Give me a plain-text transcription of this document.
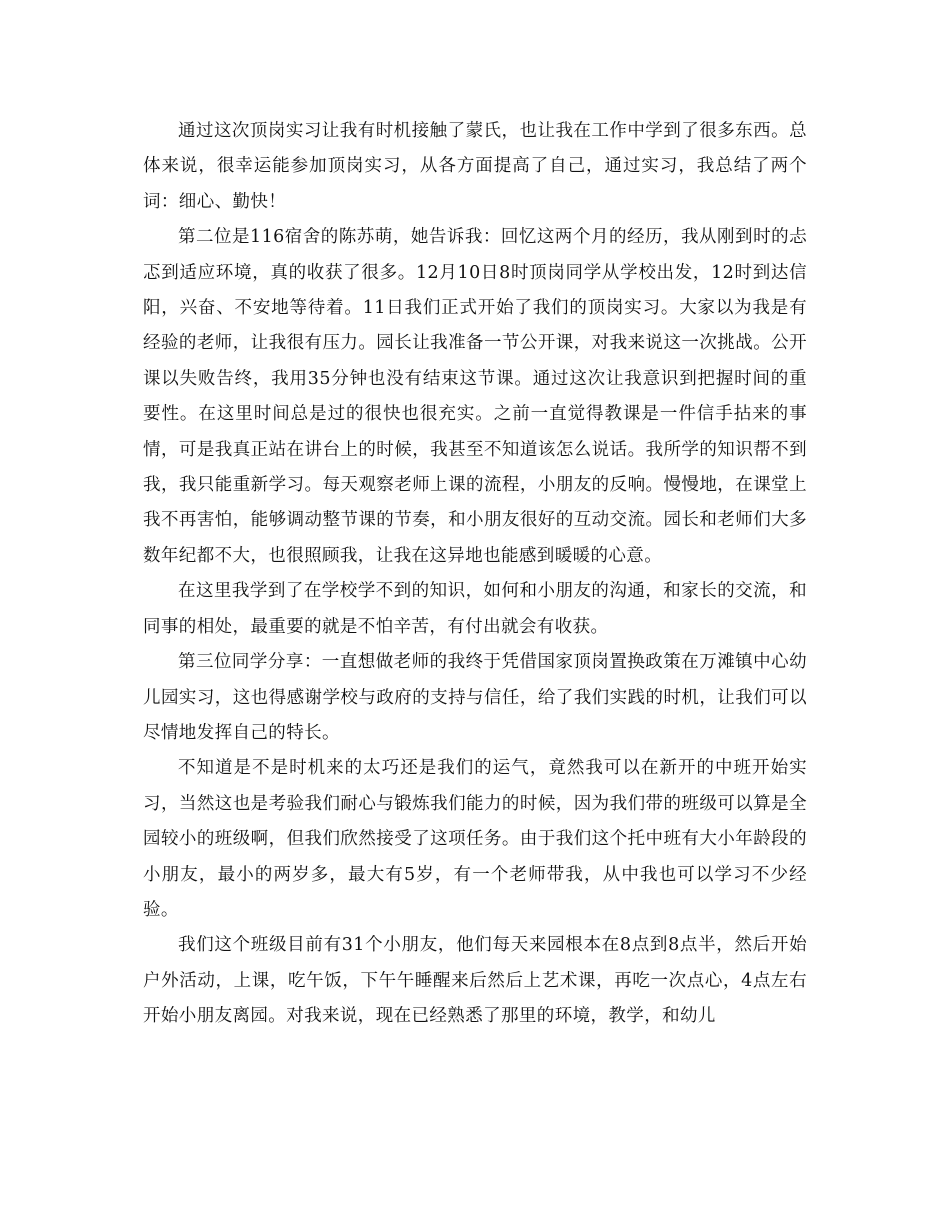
通过这次顶岗实习让我有时机接触了蒙氏，也让我在工作中学到了很多东西。总体来说，很幸运能参加顶岗实习，从各方面提高了自己，通过实习，我总结了两个词：细心、勤快！

第二位是116宿舍的陈苏萌，她告诉我：回忆这两个月的经历，我从刚到时的忐忑到适应环境，真的收获了很多。12月10日8时顶岗同学从学校出发，12时到达信阳，兴奋、不安地等待着。11日我们正式开始了我们的顶岗实习。大家以为我是有经验的老师，让我很有压力。园长让我准备一节公开课，对我来说这一次挑战。公开课以失败告终，我用35分钟也没有结束这节课。通过这次让我意识到把握时间的重要性。在这里时间总是过的很快也很充实。之前一直觉得教课是一件信手拈来的事情，可是我真正站在讲台上的时候，我甚至不知道该怎么说话。我所学的知识帮不到我，我只能重新学习。每天观察老师上课的流程，小朋友的反响。慢慢地，在课堂上我不再害怕，能够调动整节课的节奏，和小朋友很好的互动交流。园长和老师们大多数年纪都不大，也很照顾我，让我在这异地也能感到暖暖的心意。

在这里我学到了在学校学不到的知识，如何和小朋友的沟通，和家长的交流，和同事的相处，最重要的就是不怕辛苦，有付出就会有收获。

第三位同学分享：一直想做老师的我终于凭借国家顶岗置换政策在万滩镇中心幼儿园实习，这也得感谢学校与政府的支持与信任，给了我们实践的时机，让我们可以尽情地发挥自己的特长。

不知道是不是时机来的太巧还是我们的运气，竟然我可以在新开的中班开始实习，当然这也是考验我们耐心与锻炼我们能力的时候，因为我们带的班级可以算是全园较小的班级啊，但我们欣然接受了这项任务。由于我们这个托中班有大小年龄段的小朋友，最小的两岁多，最大有5岁，有一个老师带我，从中我也可以学习不少经验。

我们这个班级目前有31个小朋友，他们每天来园根本在8点到8点半，然后开始户外活动，上课，吃午饭，下午午睡醒来后然后上艺术课，再吃一次点心，4点左右开始小朋友离园。对我来说，现在已经熟悉了那里的环境，教学，和幼儿
